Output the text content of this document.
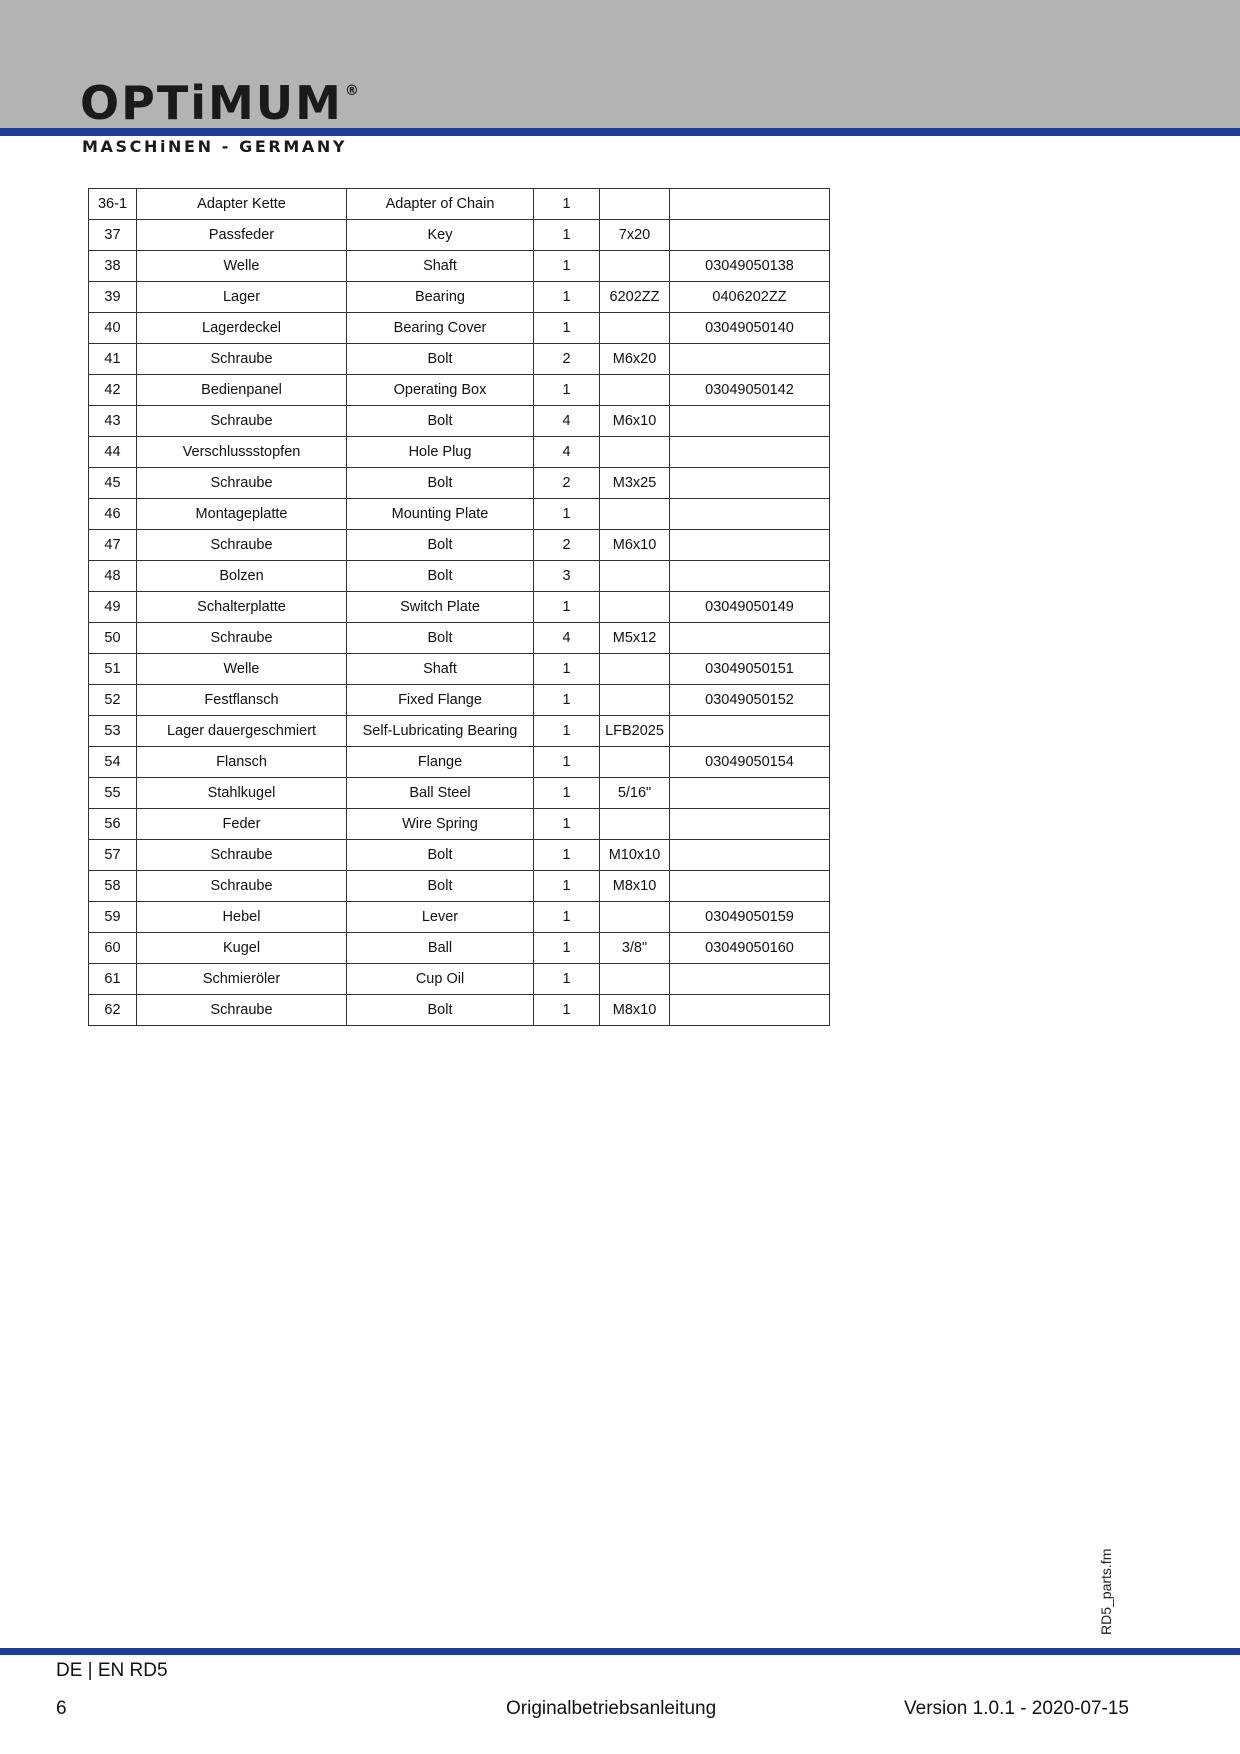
OPTiMUM ®
MASCHiNEN - GERMANY
36-1	Adapter Kette	Adapter of Chain	1		
37	Passfeder	Key	1	7x20	
38	Welle	Shaft	1		03049050138
39	Lager	Bearing	1	6202ZZ	0406202ZZ
40	Lagerdeckel	Bearing Cover	1		03049050140
41	Schraube	Bolt	2	M6x20	
42	Bedienpanel	Operating Box	1		03049050142
43	Schraube	Bolt	4	M6x10	
44	Verschlussstopfen	Hole Plug	4		
45	Schraube	Bolt	2	M3x25	
46	Montageplatte	Mounting Plate	1		
47	Schraube	Bolt	2	M6x10	
48	Bolzen	Bolt	3		
49	Schalterplatte	Switch Plate	1		03049050149
50	Schraube	Bolt	4	M5x12	
51	Welle	Shaft	1		03049050151
52	Festflansch	Fixed Flange	1		03049050152
53	Lager dauergeschmiert	Self-Lubricating Bearing	1	LFB2025	
54	Flansch	Flange	1		03049050154
55	Stahlkugel	Ball Steel	1	5/16"	
56	Feder	Wire Spring	1		
57	Schraube	Bolt	1	M10x10	
58	Schraube	Bolt	1	M8x10	
59	Hebel	Lever	1		03049050159
60	Kugel	Ball	1	3/8"	03049050160
61	Schmieröler	Cup Oil	1		
62	Schraube	Bolt	1	M8x10	
RD5_parts.fm
DE | EN RD5
6	Originalbetriebsanleitung	Version 1.0.1 - 2020-07-15
